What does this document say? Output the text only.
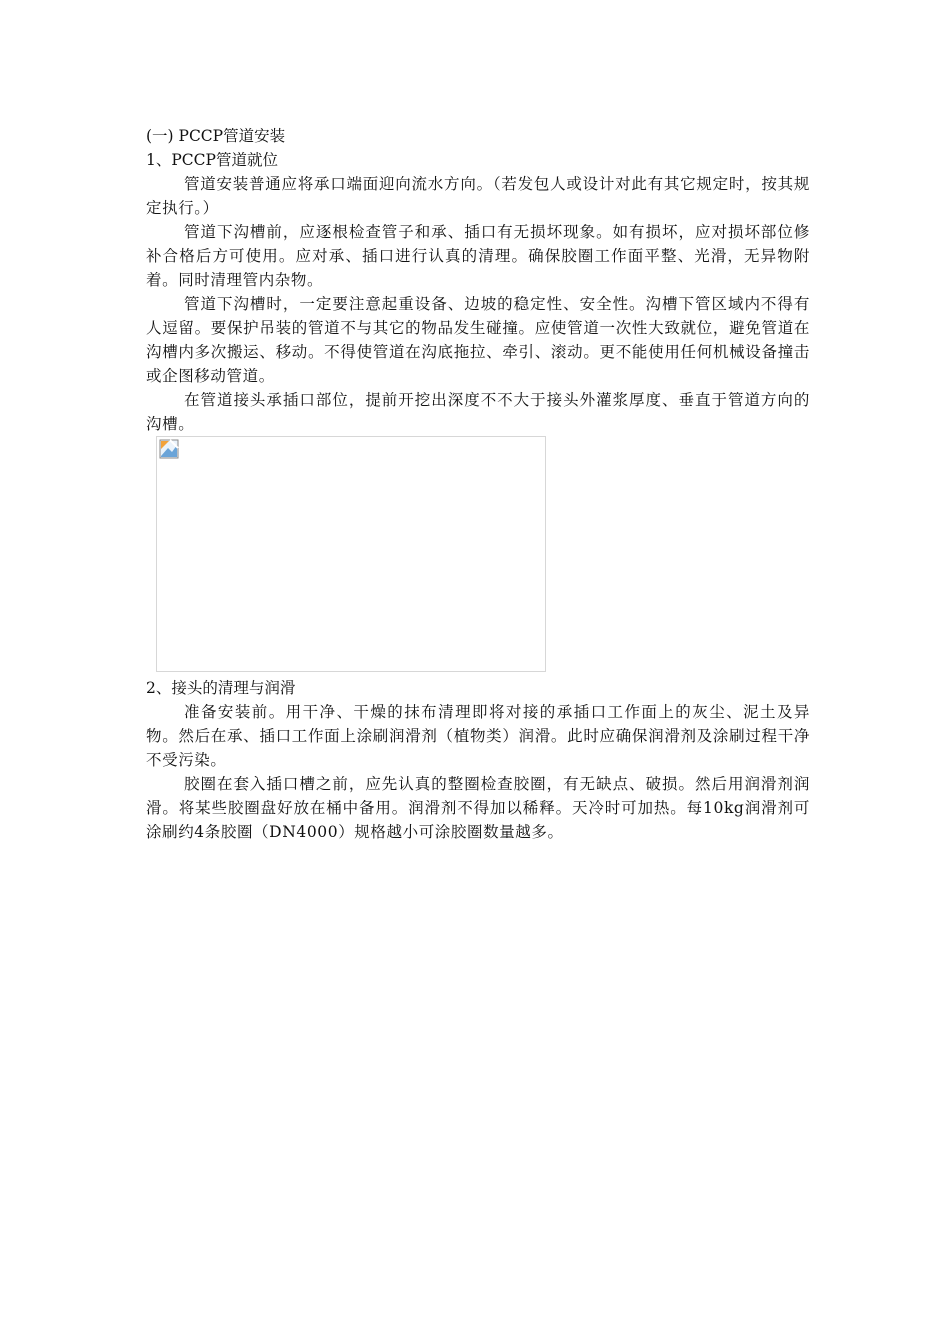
(一) PCCP管道安装

1、PCCP管道就位

管道安装普通应将承口端面迎向流水方向。（若发包人或设计对此有其它规定时，按其规定执行。）

管道下沟槽前，应逐根检查管子和承、插口有无损坏现象。如有损坏，应对损坏部位修补合格后方可使用。应对承、插口进行认真的清理。确保胶圈工作面平整、光滑，无异物附着。同时清理管内杂物。

管道下沟槽时，一定要注意起重设备、边坡的稳定性、安全性。沟槽下管区域内不得有人逗留。要保护吊装的管道不与其它的物品发生碰撞。应使管道一次性大致就位，避免管道在沟槽内多次搬运、移动。不得使管道在沟底拖拉、牵引、滚动。更不能使用任何机械设备撞击或企图移动管道。

在管道接头承插口部位，提前开挖出深度不不大于接头外灌浆厚度、垂直于管道方向的沟槽。

2、接头的清理与润滑

准备安装前。用干净、干燥的抹布清理即将对接的承插口工作面上的灰尘、泥土及异物。然后在承、插口工作面上涂刷润滑剂（植物类）润滑。此时应确保润滑剂及涂刷过程干净不受污染。

胶圈在套入插口槽之前，应先认真的整圈检查胶圈，有无缺点、破损。然后用润滑剂润滑。将某些胶圈盘好放在桶中备用。润滑剂不得加以稀释。天冷时可加热。每10kg润滑剂可涂刷约4条胶圈（DN4000）规格越小可涂胶圈数量越多。
